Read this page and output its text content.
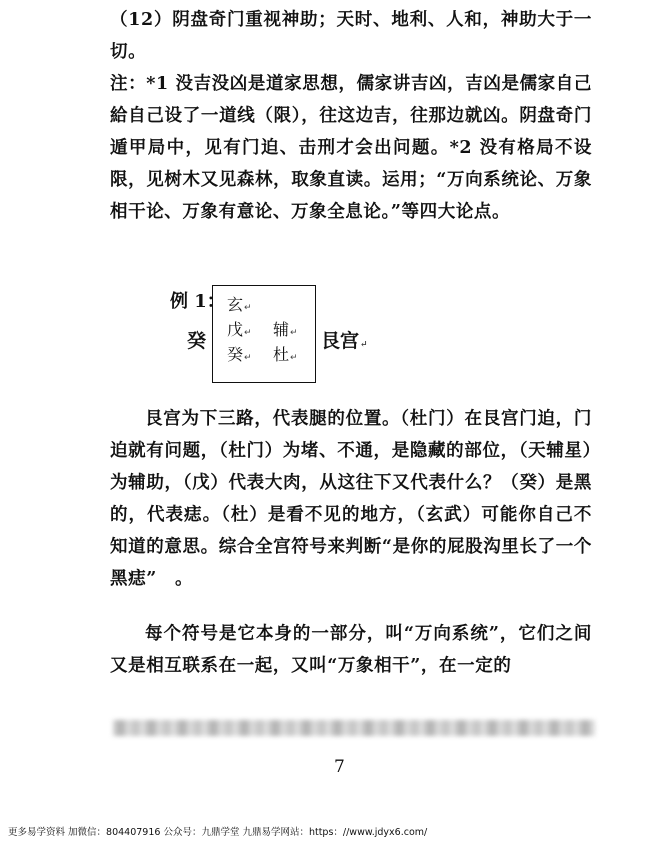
（12）阴盘奇门重视神助；天时、地利、人和，神助大于一切。

注：*1 没吉没凶是道家思想，儒家讲吉凶，吉凶是儒家自己給自己设了一道线（限），往这边吉，往那边就凶。阴盘奇门遁甲局中，见有门迫、击刑才会出问题。*2 没有格局不设限，见树木又见森林，取象直读。运用；“万向系统论、万象相干论、万象有意论、万象全息论。”等四大论点。

例 1：
癸
玄↵
戊↵
癸↵
辅↵
杜↵
艮宫↵

艮宫为下三路，代表腿的位置。（杜门）在艮宫门迫，门迫就有问题，（杜门）为堵、不通，是隐藏的部位，（天辅星）为辅助，（戊）代表大肉，从这往下又代表什么？（癸）是黑的，代表痣。（杜）是看不见的地方，（玄武）可能你自己不知道的意思。综合全宫符号来判断“是你的屁股沟里长了一个黑痣”　。

每个符号是它本身的一部分，叫“万向系统”，它们之间又是相互联系在一起，又叫“万象相干”，在一定的

7
更多易学资料 加微信：804407916 公众号：九鼎学堂 九鼎易学网站：https：//www.jdyx6.com/
